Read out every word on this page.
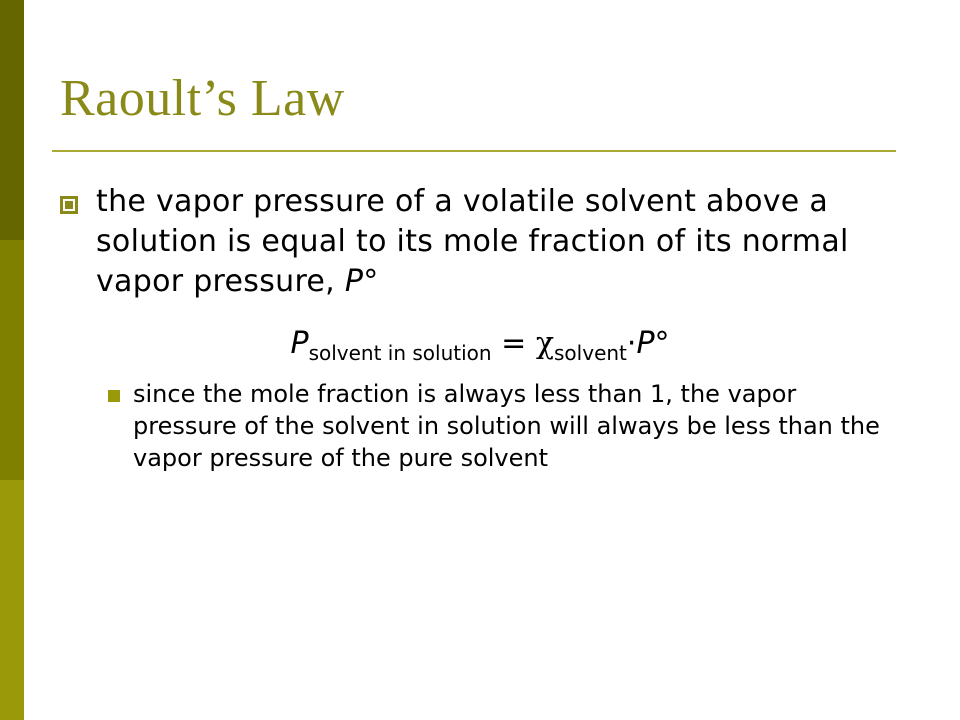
Raoult’s Law
the vapor pressure of a volatile solvent above a solution is equal to its mole fraction of its normal vapor pressure, P°
$P_{solvent in solution} = \chi_{solvent}\cdot P^\circ$
since the mole fraction is always less than 1, the vapor pressure of the solvent in solution will always be less than the vapor pressure of the pure solvent
